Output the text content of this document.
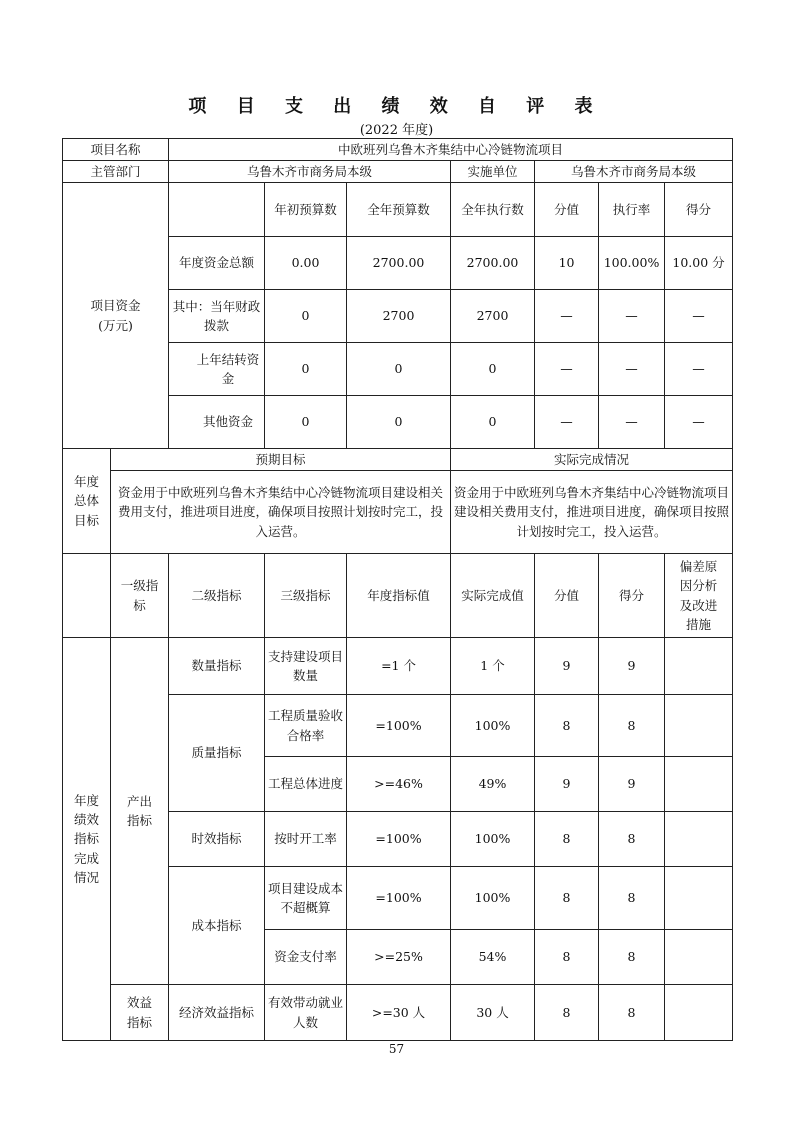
项 目 支 出 绩 效 自 评 表
(2022 年度)
项目名称		中欧班列乌鲁木齐集结中心冷链物流项目						
主管部门		乌鲁木齐市商务局本级			实施单位	乌鲁木齐市商务局本级		
项目资金
(万元)			年初预算数	全年预算数	全年执行数	分值	执行率	得分
		年度资金总额	0.00	2700.00	2700.00	10	100.00%	10.00 分
		其中：当年财政拨款	0	2700	2700	—	—	—
		上年结转资金	0	0	0	—	—	—
		其他资金	0	0	0	—	—	—
年度总体目标	预期目标				实际完成情况			
	资金用于中欧班列乌鲁木齐集结中心冷链物流项目建设相关费用支付，推进项目进度，确保项目按照计划按时完工，投入运营。				资金用于中欧班列乌鲁木齐集结中心冷链物流项目建设相关费用支付，推进项目进度，确保项目按照计划按时完工，投入运营。			
	一级指标	二级指标	三级指标	年度指标值	实际完成值	分值	得分	偏差原因分析及改进措施
年度绩效指标完成情况	产出指标	数量指标	支持建设项目数量	=1 个	1 个	9	9	
		质量指标	工程质量验收合格率	=100%	100%	8	8	
			工程总体进度	>=46%	49%	9	9	
		时效指标	按时开工率	=100%	100%	8	8	
		成本指标	项目建设成本不超概算	=100%	100%	8	8	
			资金支付率	>=25%	54%	8	8	
	效益指标	经济效益指标	有效带动就业人数	>=30 人	30 人	8	8	
57
